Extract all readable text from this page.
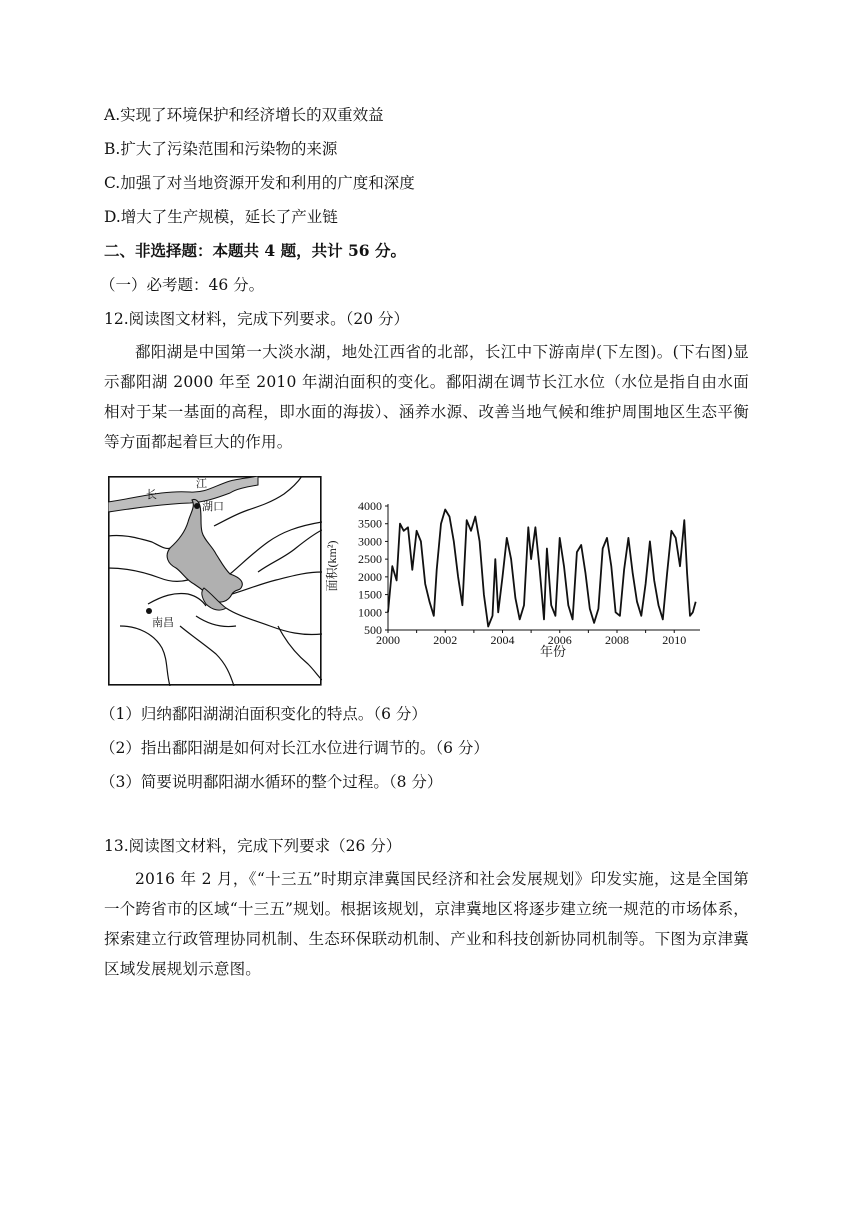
A.实现了环境保护和经济增长的双重效益
B.扩大了污染范围和污染物的来源
C.加强了对当地资源开发和利用的广度和深度
D.增大了生产规模，延长了产业链
二、非选择题：本题共 4 题，共计 56 分。
（一）必考题：46 分。
12.阅读图文材料，完成下列要求。（20 分）
鄱阳湖是中国第一大淡水湖，地处江西省的北部，长江中下游南岸(下左图)。(下右图)显示鄱阳湖 2000 年至 2010 年湖泊面积的变化。鄱阳湖在调节长江水位（水位是指自由水面相对于某一基面的高程，即水面的海拔）、涵养水源、改善当地气候和维护周围地区生态平衡等方面都起着巨大的作用。
长
江
湖口
南昌
500
1000
1500
2000
2500
3000
3500
4000
2000	2002	2004	2006	2008	2010
年份
面积(km²)
（1）归纳鄱阳湖湖泊面积变化的特点。（6 分）
（2）指出鄱阳湖是如何对长江水位进行调节的。（6 分）
（3）简要说明鄱阳湖水循环的整个过程。（8 分）
13.阅读图文材料，完成下列要求（26 分）
2016 年 2 月，《“十三五”时期京津冀国民经济和社会发展规划》印发实施，这是全国第一个跨省市的区域“十三五”规划。根据该规划，京津冀地区将逐步建立统一规范的市场体系，探索建立行政管理协同机制、生态环保联动机制、产业和科技创新协同机制等。下图为京津冀区域发展规划示意图。
